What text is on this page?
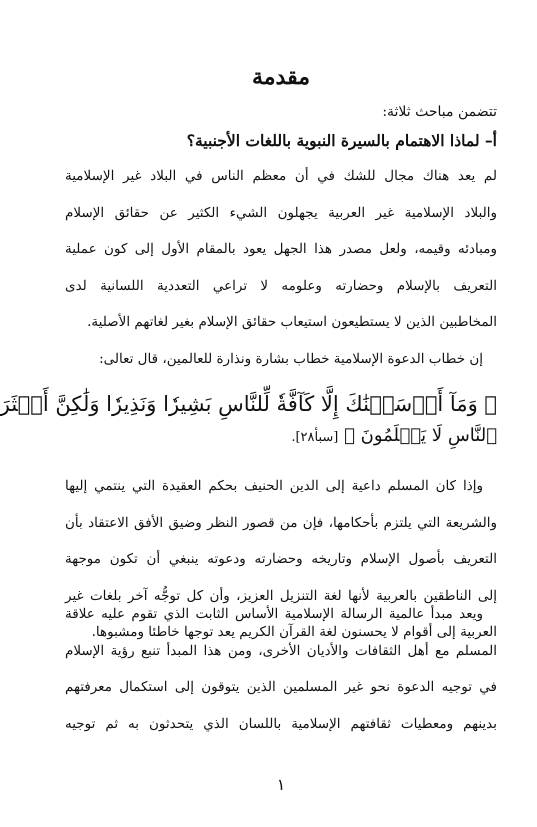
مقدمة
تتضمن مباحث ثلاثة:
أ– لماذا الاهتمام بالسيرة النبوية باللغات الأجنبية؟
لم يعد هناك مجال للشك في أن معظم الناس في البلاد غير الإسلامية
والبلاد الإسلامية غير العربية يجهلون الشيء الكثير عن حقائق الإسلام
ومبادئه وقيمه، ولعل مصدر هذا الجهل يعود بالمقام الأول إلى كون عملية
التعريف بالإسلام وحضارته وعلومه لا تراعي التعددية اللسانية لدى
المخاطبين الذين لا يستطيعون استيعاب حقائق الإسلام بغير لغاتهم الأصلية.
إن خطاب الدعوة الإسلامية خطاب بشارة ونذارة للعالمين، قال تعالى:
﴿ وَمَآ أَرۡسَلۡنَٰكَ إِلَّا كَآفَّةٗ لِّلنَّاسِ بَشِيرٗا وَنَذِيرٗا وَلَٰكِنَّ أَكۡثَرَ
ٱلنَّاسِ لَا يَعۡلَمُونَ ﴾ [سبأ٢٨].
وإذا كان المسلم داعية إلى الدين الحنيف بحكم العقيدة التي ينتمي إليها
والشريعة التي يلتزم بأحكامها، فإن من قصور النظر وضيق الأفق الاعتقاد بأن
التعريف بأصول الإسلام وتاريخه وحضارته ودعوته ينبغي أن تكون موجهة
إلى الناطقين بالعربية لأنها لغة التنزيل العزيز، وأن كل توجُّه آخر بلغات غير
العربية إلى أقوام لا يحسنون لغة القرآن الكريم يعد توجها خاطئا ومشبوها.
ويعد مبدأ عالمية الرسالة الإسلامية الأساس الثابت الذي تقوم عليه علاقة
المسلم مع أهل الثقافات والأديان الأخرى، ومن هذا المبدأ تنبع رؤية الإسلام
في توجيه الدعوة نحو غير المسلمين الذين يتوقون إلى استكمال معرفتهم
بدينهم ومعطيات ثقافتهم الإسلامية باللسان الذي يتحدثون به ثم توجيه
١
